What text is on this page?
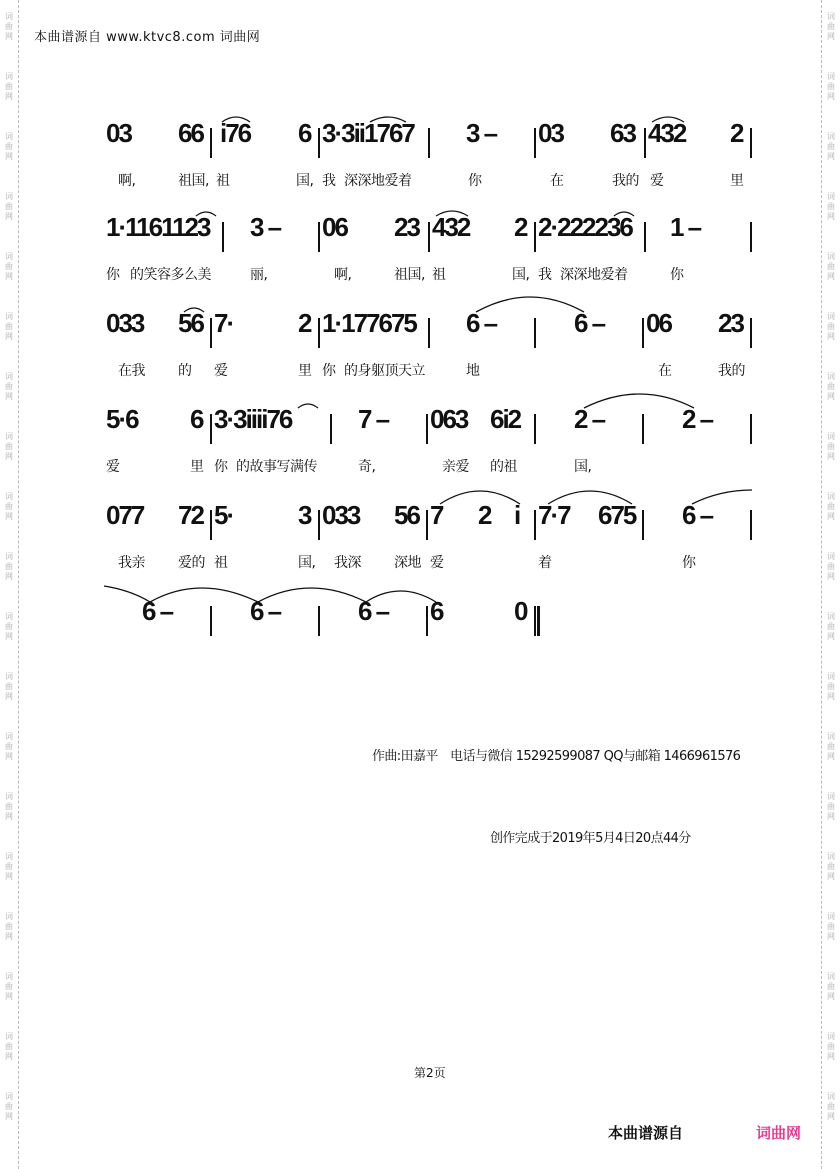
词
曲
网
词
曲
网
词
曲
网
词
曲
网
词
曲
网
词
曲
网
词
曲
网
词
曲
网
词
曲
网
词
曲
网
词
曲
网
词
曲
网
词
曲
网
词
曲
网
词
曲
网
词
曲
网
词
曲
网
词
曲
网
词
曲
网
词
曲
网
词
曲
网
词
曲
网
词
曲
网
词
曲
网
词
曲
网
词
曲
网
词
曲
网
词
曲
网
词
曲
网
词
曲
网
词
曲
网
词
曲
网
词
曲
网
词
曲
网
词
曲
网
词
曲
网
词
曲
网
词
曲
网
本曲谱源自 www.ktvc8.com 词曲网
03 66 i76 6 3·3ii1767 3 – 03 63 432 2
啊,	祖国, 祖	国, 我 深深地爱着	你	在	我的 爱	里
1·1161123 3 – 06 23 432 2 2·222236 1 –
你 的笑容多么美	丽,	啊,	祖国, 祖	国, 我 深深地爱着	你
033 56 7· 2 1·177675 6 –	6 – 06 23
在我 的 爱	里 你 的身躯顶天立	地	在	我的
5·6 6 3·3iiii76	7 – 063 6i2 2 –	2 –
爱	里 你 的故事写满传	奇,	亲爱 的祖	国,
077 72 5· 3 033 56 7 2 i 7·7 675 6 –
我亲 爱的 祖	国, 我深 深地 爱	着	你
6 –	6 –	6 – 6	0
作曲:田嘉平　电话与微信 15292599087 QQ与邮箱 1466961576
创作完成于2019年5月4日20点44分
第2页
本曲谱源自	词曲网
